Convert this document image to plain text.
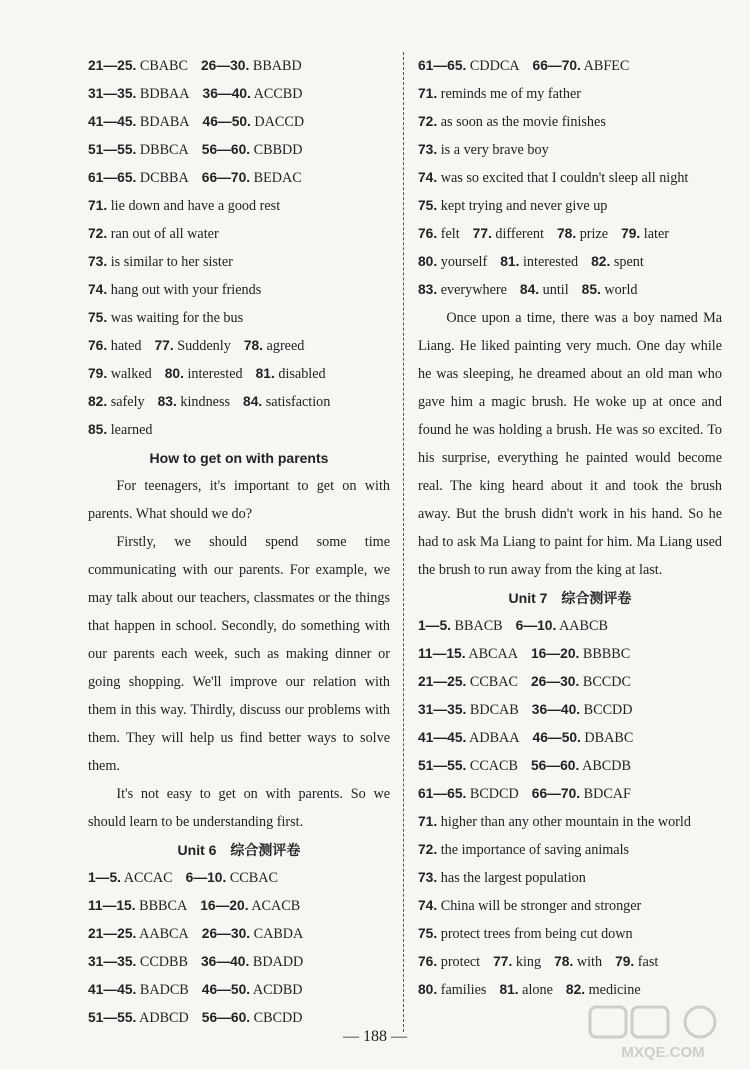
21—25. CBABC 26—30. BBABD
31—35. BDBAA 36—40. ACCBD
41—45. BDABA 46—50. DACCD
51—55. DBBCA 56—60. CBBDD
61—65. DCBBA 66—70. BEDAC
71. lie down and have a good rest
72. ran out of all water
73. is similar to her sister
74. hang out with your friends
75. was waiting for the bus
76. hated 77. Suddenly 78. agreed
79. walked 80. interested 81. disabled
82. safely 83. kindness 84. satisfaction
85. learned
How to get on with parents

For teenagers, it's important to get on with parents. What should we do?

Firstly, we should spend some time communicating with our parents. For example, we may talk about our teachers, classmates or the things that happen in school. Secondly, do something with our parents each week, such as making dinner or going shopping. We'll improve our relation with them in this way. Thirdly, discuss our problems with them. They will help us find better ways to solve them.

It's not easy to get on with parents. So we should learn to be understanding first.

Unit 6　综合测评卷
1—5. ACCAC 6—10. CCBAC
11—15. BBBCA 16—20. ACACB
21—25. AABCA 26—30. CABDA
31—35. CCDBB 36—40. BDADD
41—45. BADCB 46—50. ACDBD
51—55. ADBCD 56—60. CBCDD
61—65. CDDCA 66—70. ABFEC
71. reminds me of my father
72. as soon as the movie finishes
73. is a very brave boy
74. was so excited that I couldn't sleep all night
75. kept trying and never give up
76. felt 77. different 78. prize 79. later
80. yourself 81. interested 82. spent
83. everywhere 84. until 85. world

Once upon a time, there was a boy named Ma Liang. He liked painting very much. One day while he was sleeping, he dreamed about an old man who gave him a magic brush. He woke up at once and found he was holding a brush. He was so excited. To his surprise, everything he painted would become real. The king heard about it and took the brush away. But the brush didn't work in his hand. So he had to ask Ma Liang to paint for him. Ma Liang used the brush to run away from the king at last.

Unit 7　综合测评卷
1—5. BBACB 6—10. AABCB
11—15. ABCAA 16—20. BBBBC
21—25. CCBAC 26—30. BCCDC
31—35. BDCAB 36—40. BCCDD
41—45. ADBAA 46—50. DBABC
51—55. CCACB 56—60. ABCDB
61—65. BCDCD 66—70. BDCAF
71. higher than any other mountain in the world
72. the importance of saving animals
73. has the largest population
74. China will be stronger and stronger
75. protect trees from being cut down
76. protect 77. king 78. with 79. fast
80. families 81. alone 82. medicine
— 188 —
MXQE.COM
